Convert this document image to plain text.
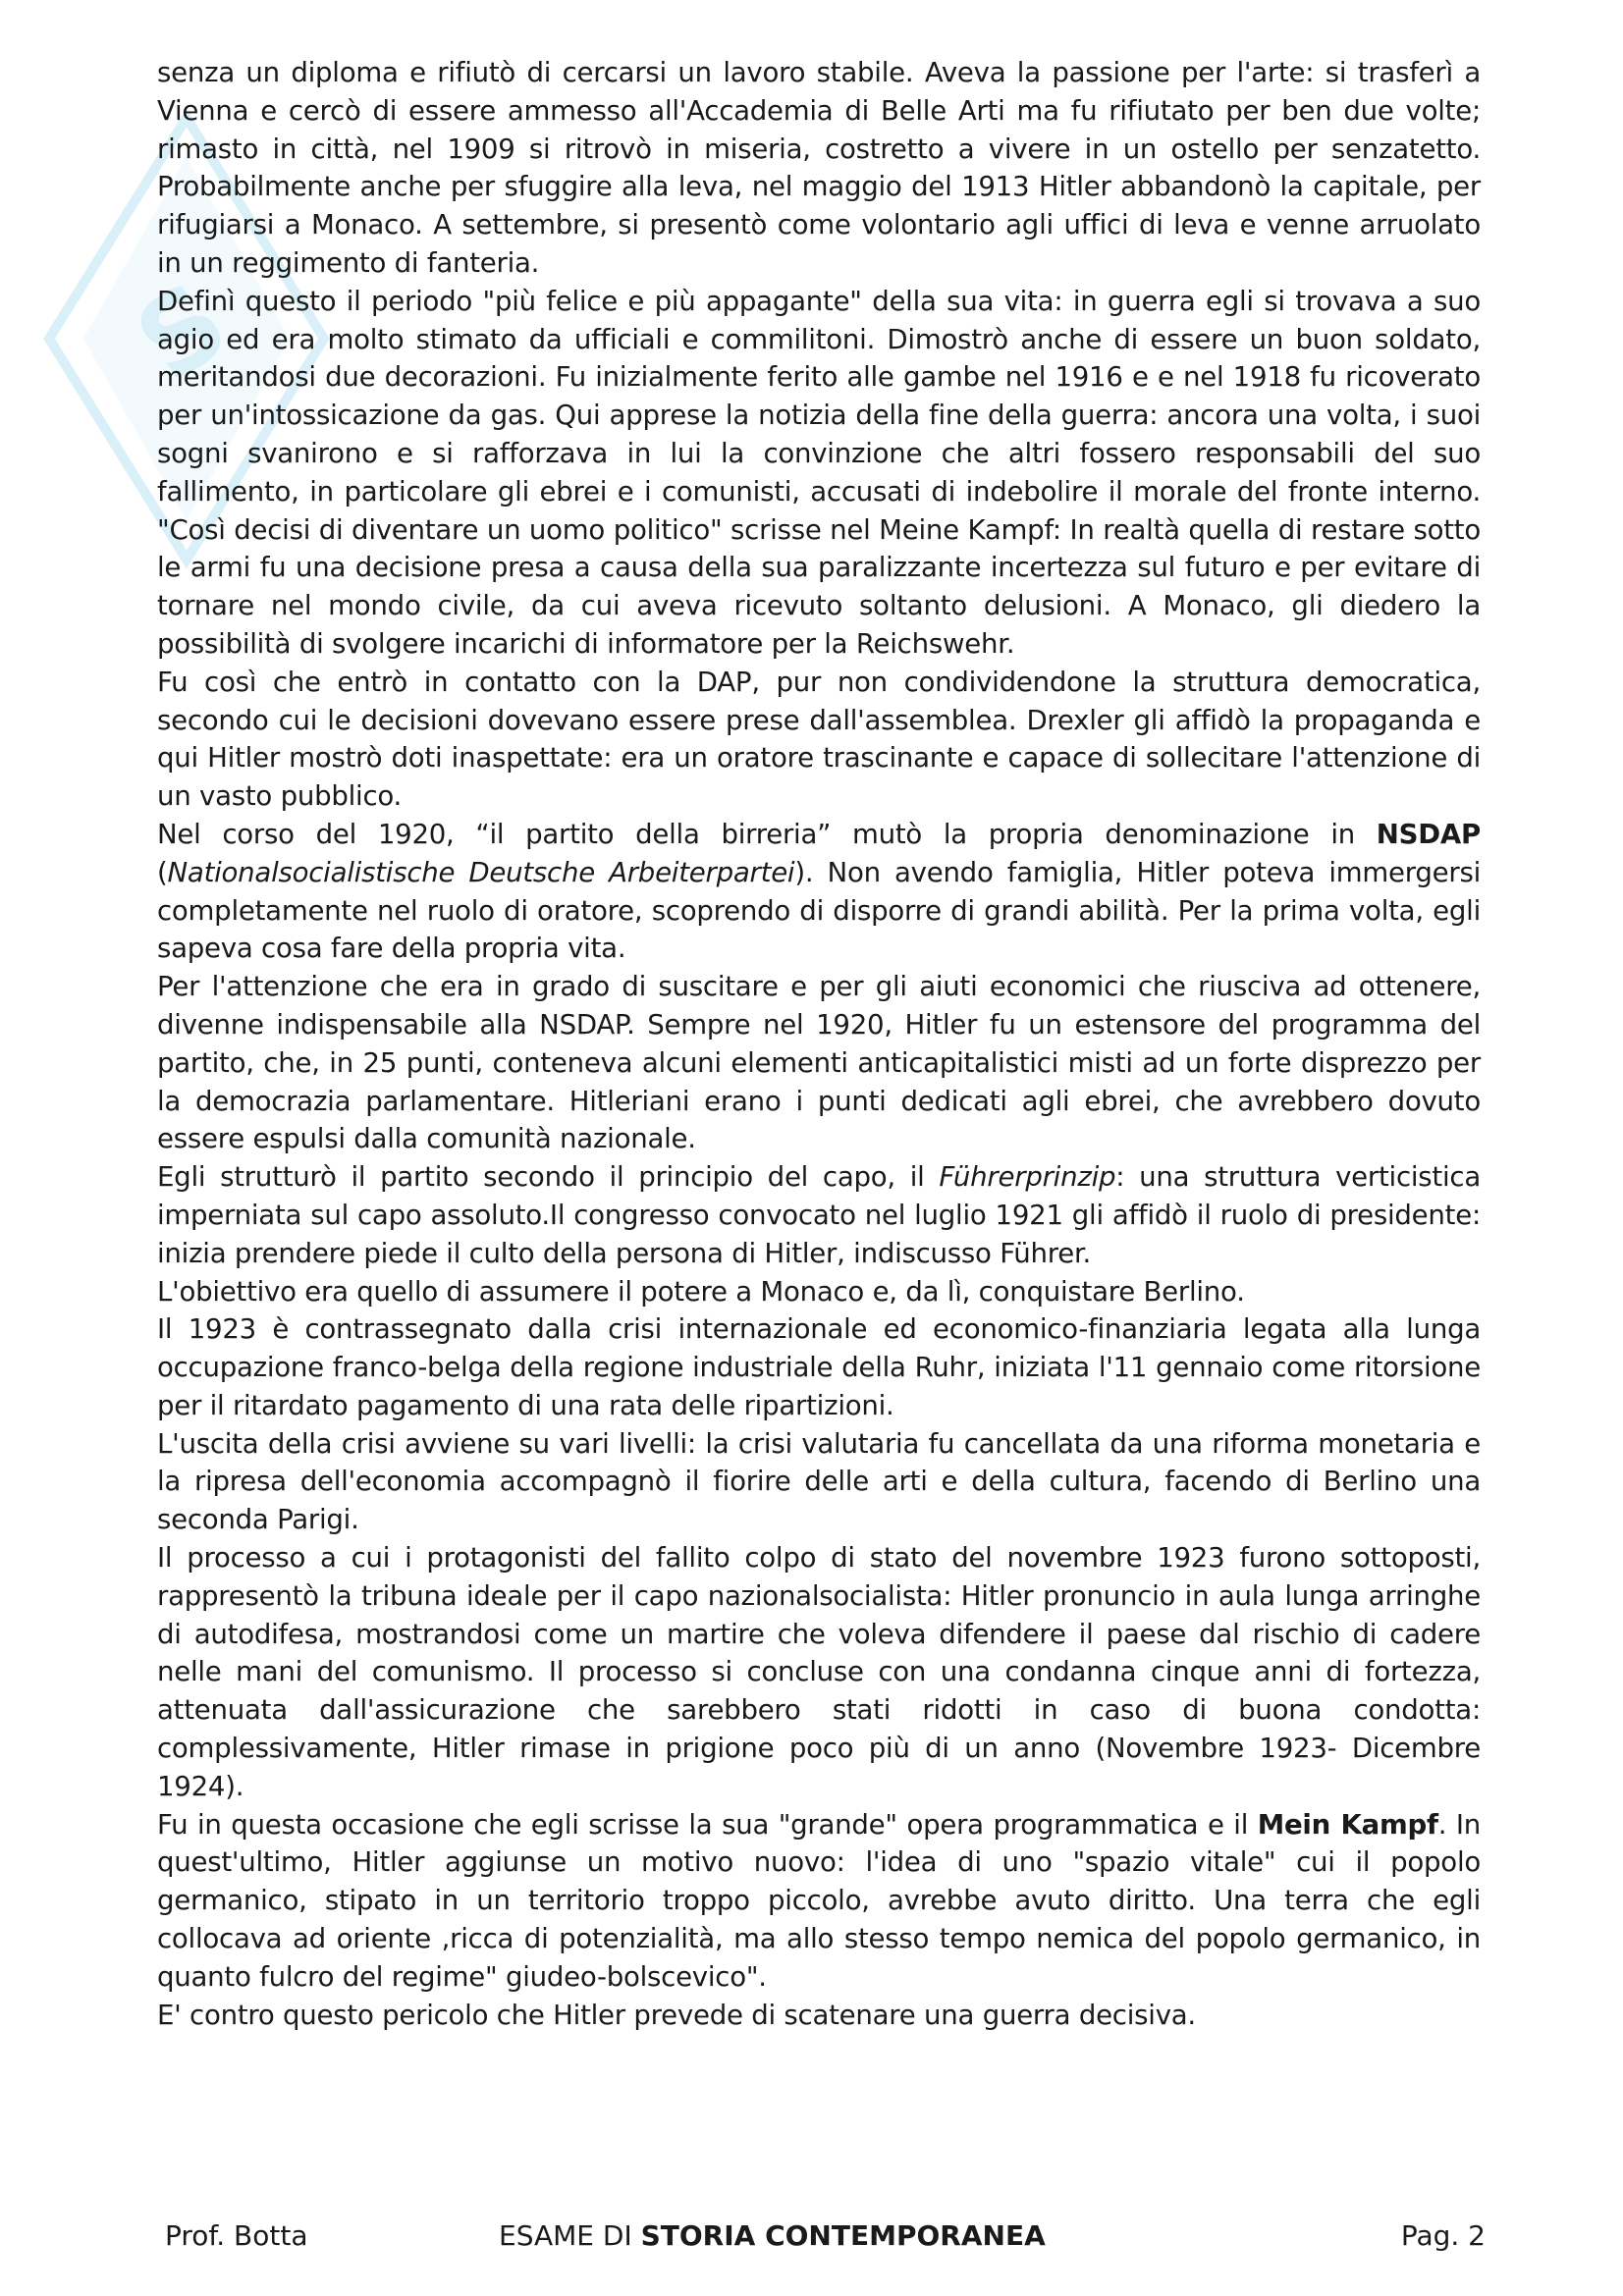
S

senza un diploma e rifiutò di cercarsi un lavoro stabile. Aveva la passione per l'arte: si trasferì a Vienna e cercò di essere ammesso all'Accademia di Belle Arti ma fu rifiutato per ben due volte; rimasto in città, nel 1909 si ritrovò in miseria, costretto a vivere in un ostello per senzatetto. Probabilmente anche per sfuggire alla leva, nel maggio del 1913 Hitler abbandonò la capitale, per rifugiarsi a Monaco. A settembre, si presentò come volontario agli uffici di leva e venne arruolato in un reggimento di fanteria.

Definì questo il periodo "più felice e più appagante" della sua vita: in guerra egli si trovava a suo agio ed era molto stimato da ufficiali e commilitoni. Dimostrò anche di essere un buon soldato, meritandosi due decorazioni. Fu inizialmente ferito alle gambe nel 1916 e e nel 1918 fu ricoverato per un'intossicazione da gas. Qui apprese la notizia della fine della guerra: ancora una volta, i suoi sogni svanirono e si rafforzava in lui la convinzione che altri fossero responsabili del suo fallimento, in particolare gli ebrei e i comunisti, accusati di indebolire il morale del fronte interno. "Così decisi di diventare un uomo politico" scrisse nel Meine Kampf: In realtà quella di restare sotto le armi fu una decisione presa a causa della sua paralizzante incertezza sul futuro e per evitare di tornare nel mondo civile, da cui aveva ricevuto soltanto delusioni. A Monaco, gli diedero la possibilità di svolgere incarichi di informatore per la Reichswehr.

Fu così che entrò in contatto con la DAP, pur non condividendone la struttura democratica, secondo cui le decisioni dovevano essere prese dall'assemblea. Drexler gli affidò la propaganda e qui Hitler mostrò doti inaspettate: era un oratore trascinante e capace di sollecitare l'attenzione di un vasto pubblico.

Nel corso del 1920, “il partito della birreria” mutò la propria denominazione in NSDAP (Nationalsocialistische Deutsche Arbeiterpartei). Non avendo famiglia, Hitler poteva immergersi completamente nel ruolo di oratore, scoprendo di disporre di grandi abilità. Per la prima volta, egli sapeva cosa fare della propria vita.

Per l'attenzione che era in grado di suscitare e per gli aiuti economici che riusciva ad ottenere, divenne indispensabile alla NSDAP. Sempre nel 1920, Hitler fu un estensore del programma del partito, che, in 25 punti, conteneva alcuni elementi anticapitalistici misti ad un forte disprezzo per la democrazia parlamentare. Hitleriani erano i punti dedicati agli ebrei, che avrebbero dovuto essere espulsi dalla comunità nazionale.

Egli strutturò il partito secondo il principio del capo, il Führerprinzip: una struttura verticistica imperniata sul capo assoluto.Il congresso convocato nel luglio 1921 gli affidò il ruolo di presidente: inizia prendere piede il culto della persona di Hitler, indiscusso Führer.

L'obiettivo era quello di assumere il potere a Monaco e, da lì, conquistare Berlino.

Il 1923 è contrassegnato dalla crisi internazionale ed economico-finanziaria legata alla lunga occupazione franco-belga della regione industriale della Ruhr, iniziata l'11 gennaio come ritorsione per il ritardato pagamento di una rata delle ripartizioni.

L'uscita della crisi avviene su vari livelli: la crisi valutaria fu cancellata da una riforma monetaria e la ripresa dell'economia accompagnò il fiorire delle arti e della cultura, facendo di Berlino una seconda Parigi.

Il processo a cui i protagonisti del fallito colpo di stato del novembre 1923 furono sottoposti, rappresentò la tribuna ideale per il capo nazionalsocialista: Hitler pronuncio in aula lunga arringhe di autodifesa, mostrandosi come un martire che voleva difendere il paese dal rischio di cadere nelle mani del comunismo. Il processo si concluse con una condanna cinque anni di fortezza, attenuata dall'assicurazione che sarebbero stati ridotti in caso di buona condotta: complessivamente, Hitler rimase in prigione poco più di un anno (Novembre 1923- Dicembre 1924).

Fu in questa occasione che egli scrisse la sua "grande" opera programmatica e il Mein Kampf. In quest'ultimo, Hitler aggiunse un motivo nuovo: l'idea di uno "spazio vitale" cui il popolo germanico, stipato in un territorio troppo piccolo, avrebbe avuto diritto. Una terra che egli collocava ad oriente ,ricca di potenzialità, ma allo stesso tempo nemica del popolo germanico, in quanto fulcro del regime" giudeo-bolscevico".

E' contro questo pericolo che Hitler prevede di scatenare una guerra decisiva.

Prof. Botta	ESAME DI STORIA CONTEMPORANEA	Pag. 2
